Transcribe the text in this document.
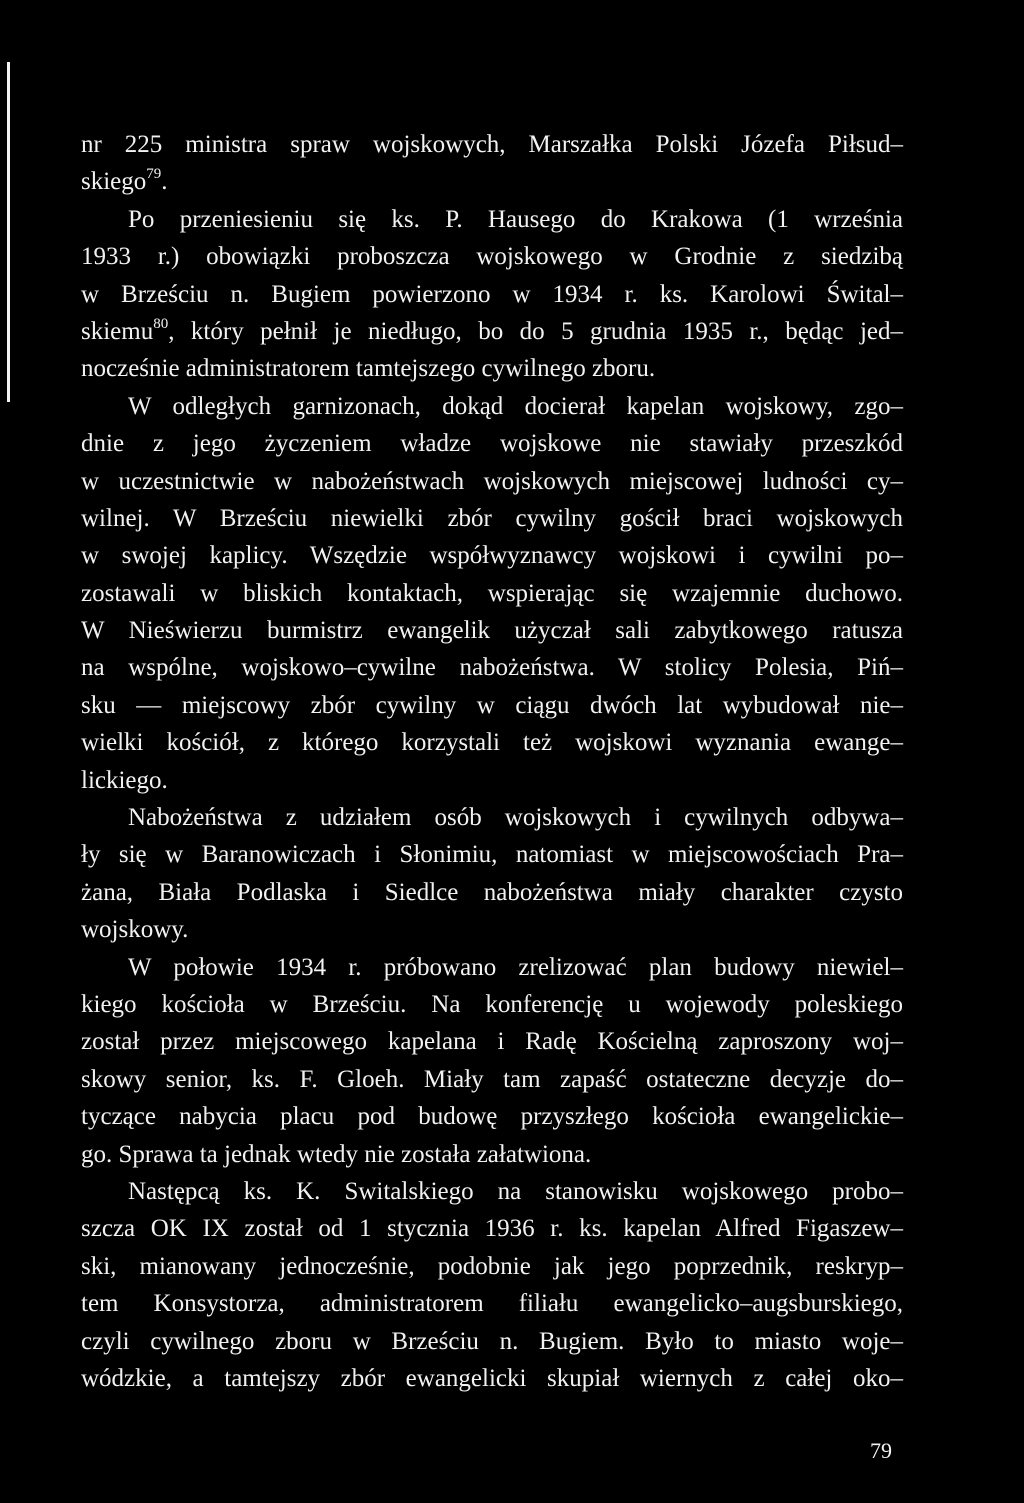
nr 225 ministra spraw wojskowych, Marszałka Polski Józefa Piłsud–
skiego$^{79}$.
Po przeniesieniu się ks. P. Hausego do Krakowa (1 września
1933 r.) obowiązki proboszcza wojskowego w Grodnie z siedzibą
w Brześciu n. Bugiem powierzono w 1934 r. ks. Karolowi Śwital–
skiemu$^{80}$, który pełnił je niedługo, bo do 5 grudnia 1935 r., będąc jed–
nocześnie administratorem tamtejszego cywilnego zboru.
W odległych garnizonach, dokąd docierał kapelan wojskowy, zgo–
dnie z jego życzeniem władze wojskowe nie stawiały przeszkód
w uczestnictwie w nabożeństwach wojskowych miejscowej ludności cy–
wilnej. W Brześciu niewielki zbór cywilny gościł braci wojskowych
w swojej kaplicy. Wszędzie współwyznawcy wojskowi i cywilni po–
zostawali w bliskich kontaktach, wspierając się wzajemnie duchowo.
W Nieświerzu burmistrz ewangelik użyczał sali zabytkowego ratusza
na wspólne, wojskowo–cywilne nabożeństwa. W stolicy Polesia, Piń–
sku — miejscowy zbór cywilny w ciągu dwóch lat wybudował nie–
wielki kościół, z którego korzystali też wojskowi wyznania ewange–
lickiego.
Nabożeństwa z udziałem osób wojskowych i cywilnych odbywa–
ły się w Baranowiczach i Słonimiu, natomiast w miejscowościach Pra–
żana, Biała Podlaska i Siedlce nabożeństwa miały charakter czysto
wojskowy.
W połowie 1934 r. próbowano zrelizować plan budowy niewiel–
kiego kościoła w Brześciu. Na konferencję u wojewody poleskiego
został przez miejscowego kapelana i Radę Kościelną zaproszony woj–
skowy senior, ks. F. Gloeh. Miały tam zapaść ostateczne decyzje do–
tyczące nabycia placu pod budowę przyszłego kościoła ewangelickie–
go. Sprawa ta jednak wtedy nie została załatwiona.
Następcą ks. K. Switalskiego na stanowisku wojskowego probo–
szcza OK IX został od 1 stycznia 1936 r. ks. kapelan Alfred Figaszew–
ski, mianowany jednocześnie, podobnie jak jego poprzednik, reskryp–
tem Konsystorza, administratorem filiału ewangelicko–augsburskiego,
czyli cywilnego zboru w Brześciu n. Bugiem. Było to miasto woje–
wódzkie, a tamtejszy zbór ewangelicki skupiał wiernych z całej oko–
79
